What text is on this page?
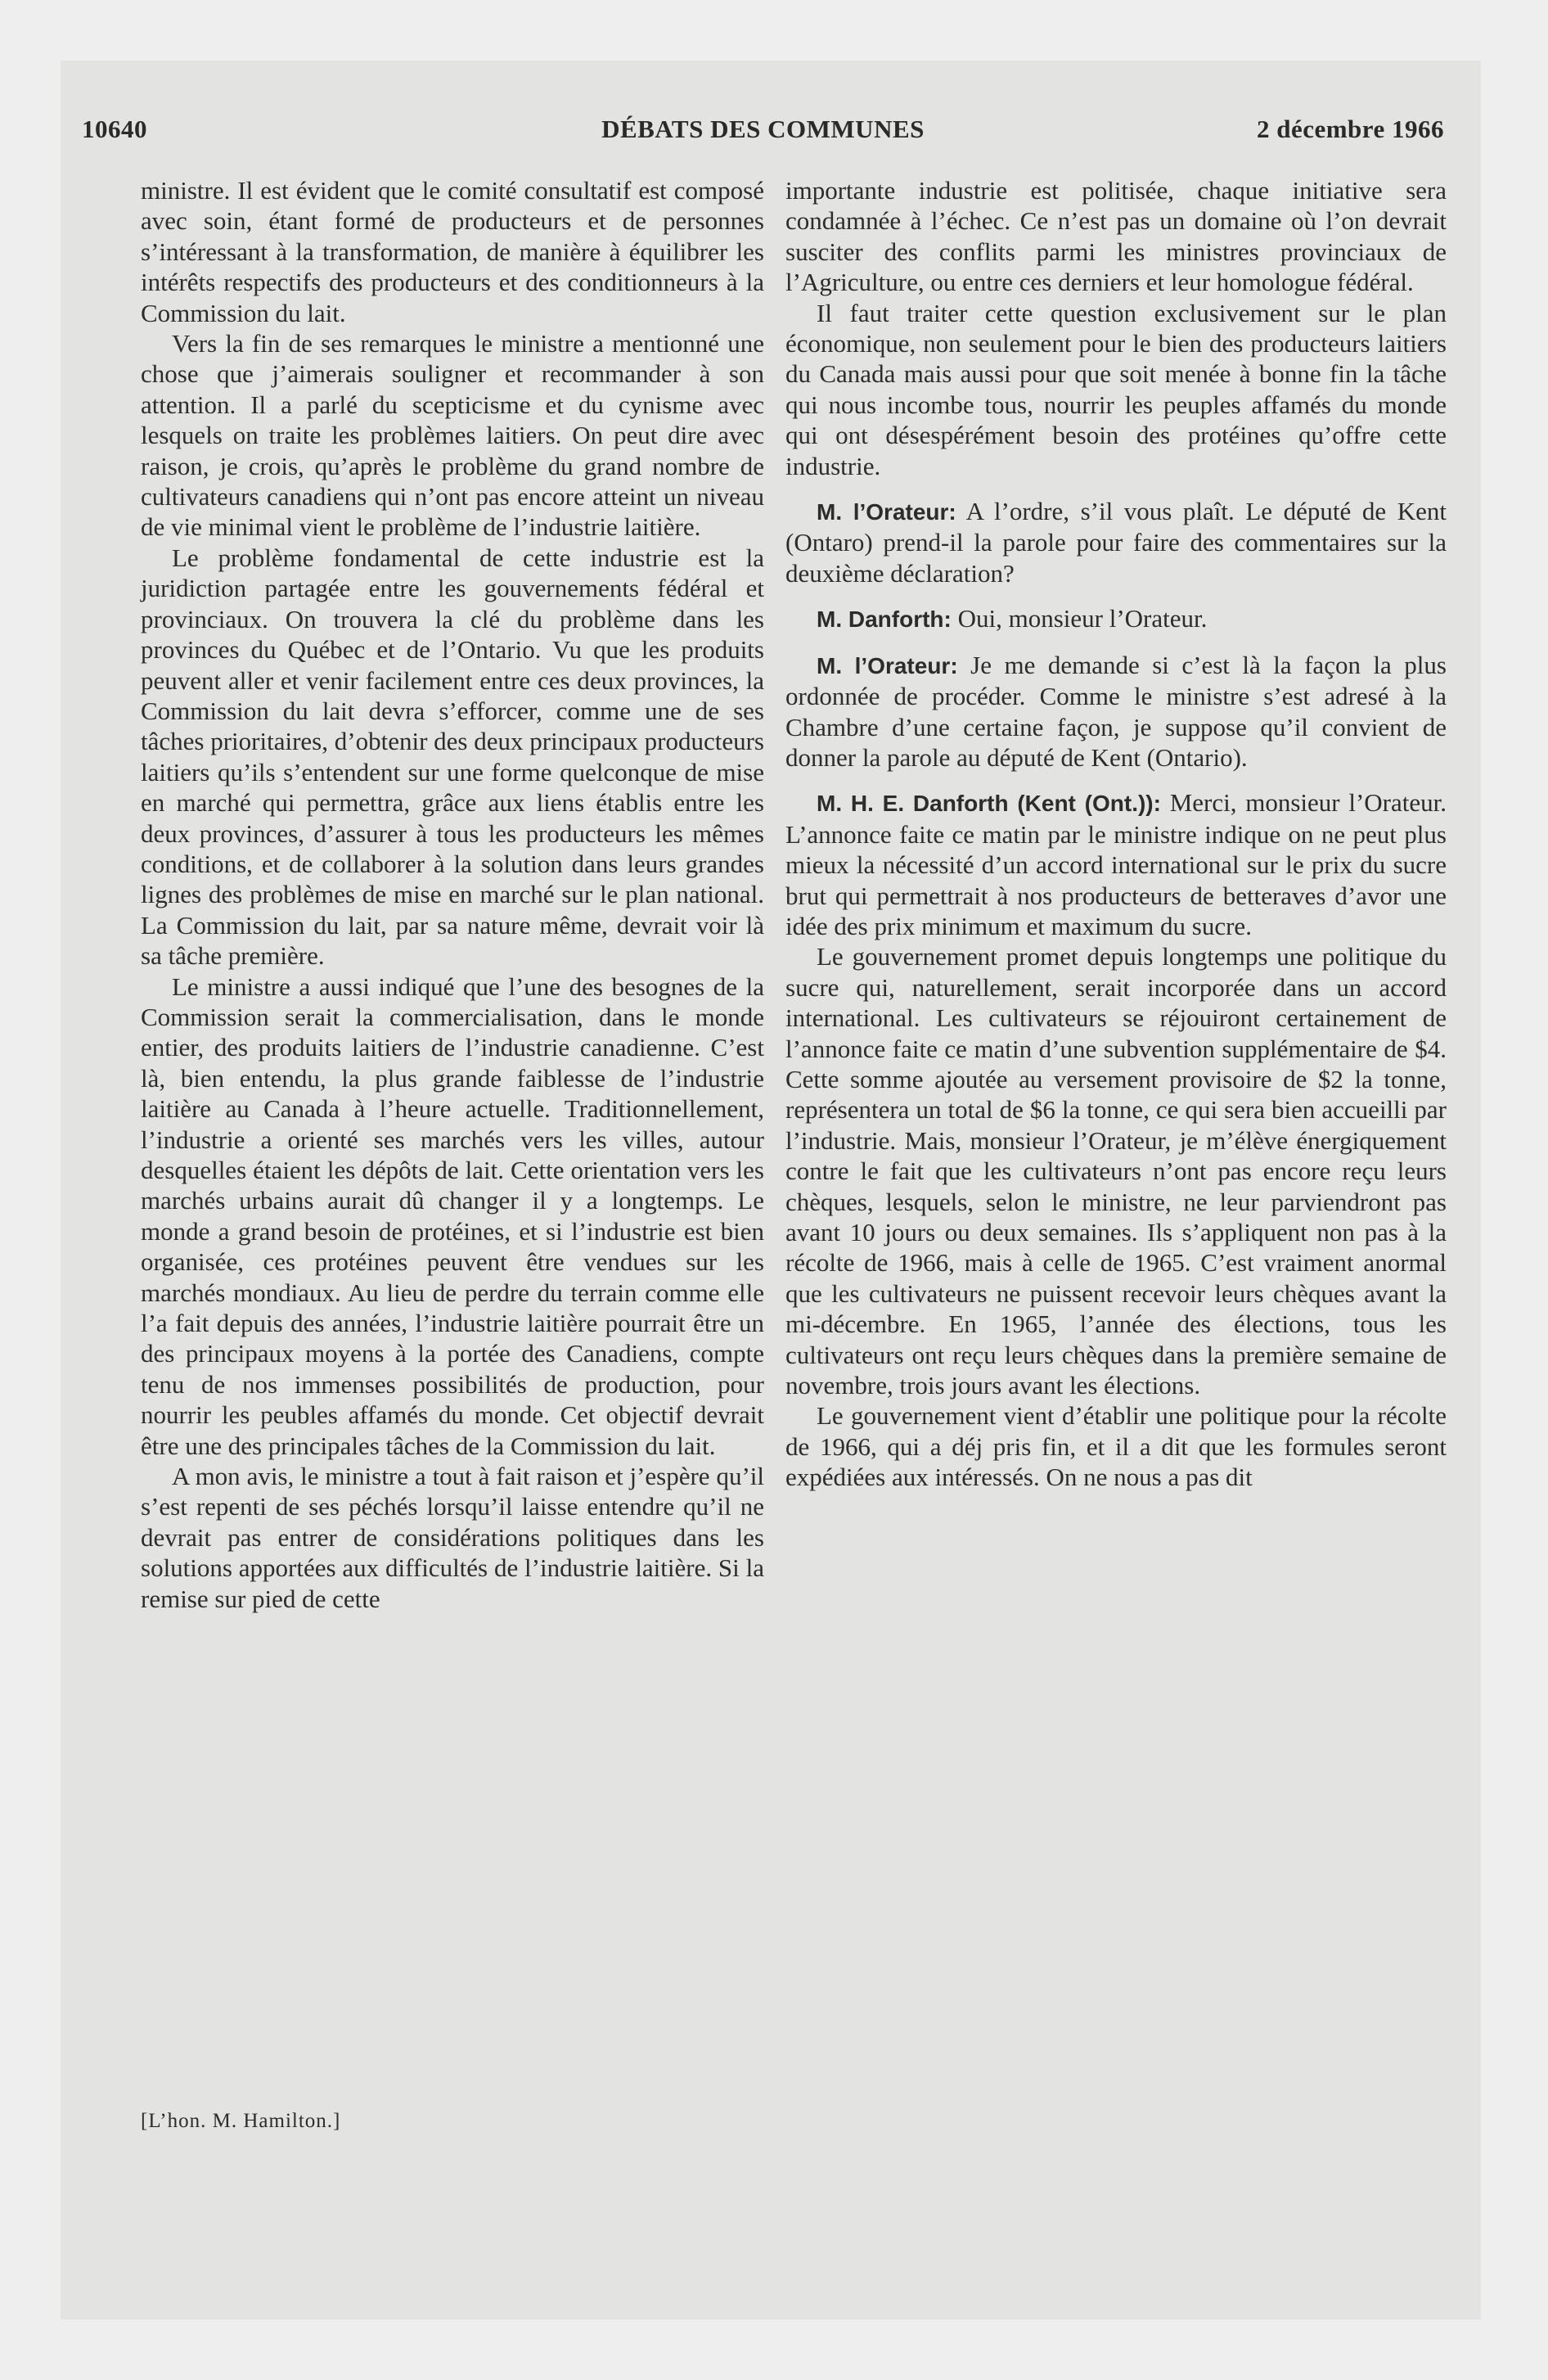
10640	DÉBATS DES COMMUNES	2 décembre 1966

ministre. Il est évident que le comité consultatif est composé avec soin, étant formé de producteurs et de personnes s’intéressant à la transformation, de manière à équilibrer les intérêts respectifs des producteurs et des conditionneurs à la Commission du lait.

Vers la fin de ses remarques le ministre a mentionné une chose que j’aimerais souligner et recommander à son attention. Il a parlé du scepticisme et du cynisme avec lesquels on traite les problèmes laitiers. On peut dire avec raison, je crois, qu’après le problème du grand nombre de cultivateurs canadiens qui n’ont pas encore atteint un niveau de vie minimal vient le problème de l’industrie laitière.

Le problème fondamental de cette industrie est la juridiction partagée entre les gouvernements fédéral et provinciaux. On trouvera la clé du problème dans les provinces du Québec et de l’Ontario. Vu que les produits peuvent aller et venir facilement entre ces deux provinces, la Commission du lait devra s’efforcer, comme une de ses tâches prioritaires, d’obtenir des deux principaux producteurs laitiers qu’ils s’entendent sur une forme quelconque de mise en marché qui permettra, grâce aux liens établis entre les deux provinces, d’assurer à tous les producteurs les mêmes conditions, et de collaborer à la solution dans leurs grandes lignes des problèmes de mise en marché sur le plan national. La Commission du lait, par sa nature même, devrait voir là sa tâche première.

Le ministre a aussi indiqué que l’une des besognes de la Commission serait la commercialisation, dans le monde entier, des produits laitiers de l’industrie canadienne. C’est là, bien entendu, la plus grande faiblesse de l’industrie laitière au Canada à l’heure actuelle. Traditionnellement, l’industrie a orienté ses marchés vers les villes, autour desquelles étaient les dépôts de lait. Cette orientation vers les marchés urbains aurait dû changer il y a longtemps. Le monde a grand besoin de protéines, et si l’industrie est bien organisée, ces protéines peuvent être vendues sur les marchés mondiaux. Au lieu de perdre du terrain comme elle l’a fait depuis des années, l’industrie laitière pourrait être un des principaux moyens à la portée des Canadiens, compte tenu de nos immenses possibilités de production, pour nourrir les peubles affamés du monde. Cet objectif devrait être une des principales tâches de la Commission du lait.

A mon avis, le ministre a tout à fait raison et j’espère qu’il s’est repenti de ses péchés lorsqu’il laisse entendre qu’il ne devrait pas entrer de considérations politiques dans les solutions apportées aux difficultés de l’industrie laitière. Si la remise sur pied de cette

[L’hon. M. Hamilton.]

importante industrie est politisée, chaque initiative sera condamnée à l’échec. Ce n’est pas un domaine où l’on devrait susciter des conflits parmi les ministres provinciaux de l’Agriculture, ou entre ces derniers et leur homologue fédéral.

Il faut traiter cette question exclusivement sur le plan économique, non seulement pour le bien des producteurs laitiers du Canada mais aussi pour que soit menée à bonne fin la tâche qui nous incombe tous, nourrir les peuples affamés du monde qui ont désespérément besoin des protéines qu’offre cette industrie.

M. l’Orateur: A l’ordre, s’il vous plaît. Le député de Kent (Ontaro) prend-il la parole pour faire des commentaires sur la deuxième déclaration?

M. Danforth: Oui, monsieur l’Orateur.

M. l’Orateur: Je me demande si c’est là la façon la plus ordonnée de procéder. Comme le ministre s’est adresé à la Chambre d’une certaine façon, je suppose qu’il convient de donner la parole au député de Kent (Ontario).

M. H. E. Danforth (Kent (Ont.)): Merci, monsieur l’Orateur. L’annonce faite ce matin par le ministre indique on ne peut plus mieux la nécessité d’un accord international sur le prix du sucre brut qui permettrait à nos producteurs de betteraves d’avor une idée des prix minimum et maximum du sucre.

Le gouvernement promet depuis longtemps une politique du sucre qui, naturellement, serait incorporée dans un accord international. Les cultivateurs se réjouiront certainement de l’annonce faite ce matin d’une subvention supplémentaire de $4. Cette somme ajoutée au versement provisoire de $2 la tonne, représentera un total de $6 la tonne, ce qui sera bien accueilli par l’industrie. Mais, monsieur l’Orateur, je m’élève énergiquement contre le fait que les cultivateurs n’ont pas encore reçu leurs chèques, lesquels, selon le ministre, ne leur parviendront pas avant 10 jours ou deux semaines. Ils s’appliquent non pas à la récolte de 1966, mais à celle de 1965. C’est vraiment anormal que les cultivateurs ne puissent recevoir leurs chèques avant la mi-décembre. En 1965, l’année des élections, tous les cultivateurs ont reçu leurs chèques dans la première semaine de novembre, trois jours avant les élections.

Le gouvernement vient d’établir une politique pour la récolte de 1966, qui a déj pris fin, et il a dit que les formules seront expédiées aux intéressés. On ne nous a pas dit
